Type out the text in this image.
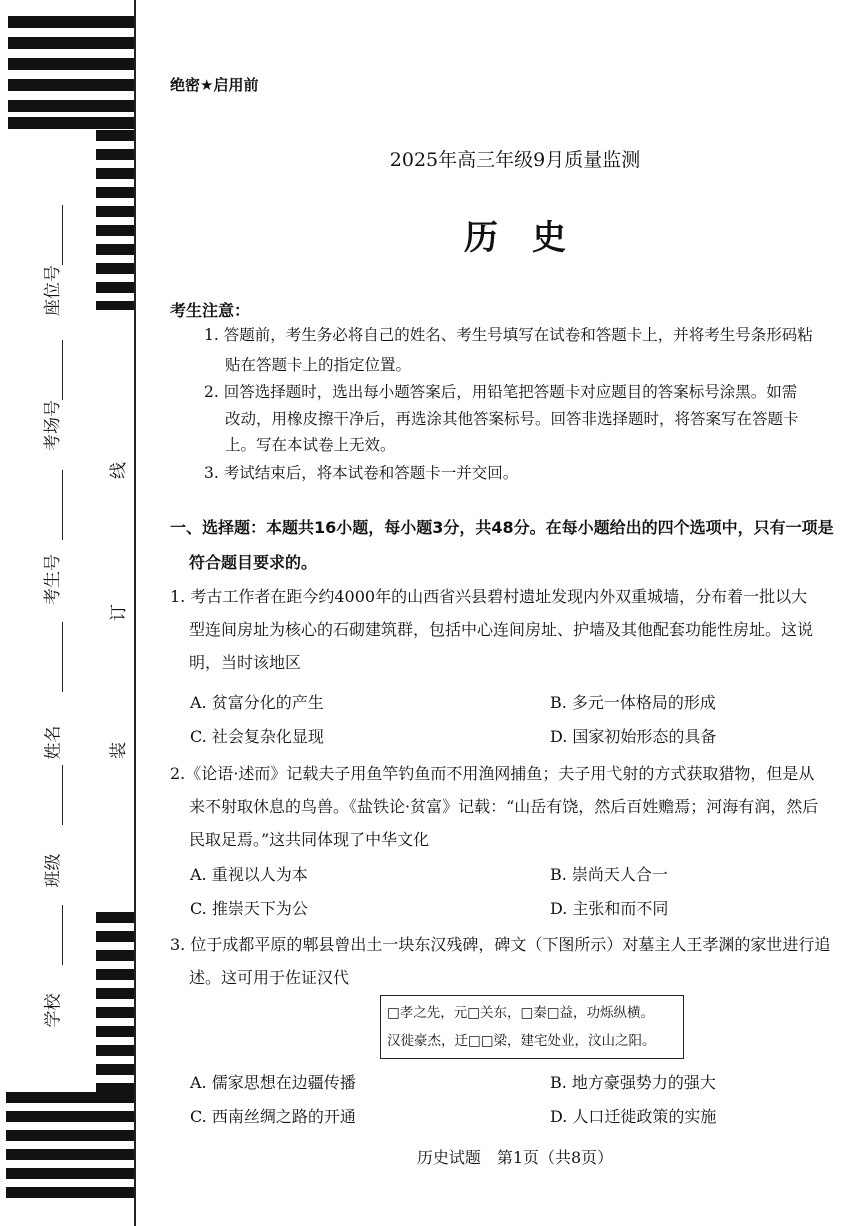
座位号
考场号
考生号
姓名
班级
学校
线
订
装
绝密★启用前
2025年高三年级9月质量监测
历史
考生注意：
1. 答题前，考生务必将自己的姓名、考生号填写在试卷和答题卡上，并将考生号条形码粘
贴在答题卡上的指定位置。
2. 回答选择题时，选出每小题答案后，用铅笔把答题卡对应题目的答案标号涂黑。如需
改动，用橡皮擦干净后，再选涂其他答案标号。回答非选择题时，将答案写在答题卡
上。写在本试卷上无效。
3. 考试结束后，将本试卷和答题卡一并交回。
一、选择题：本题共16小题，每小题3分，共48分。在每小题给出的四个选项中，只有一项是
符合题目要求的。
1. 考古工作者在距今约4000年的山西省兴县碧村遗址发现内外双重城墙，分布着一批以大
型连间房址为核心的石砌建筑群，包括中心连间房址、护墙及其他配套功能性房址。这说
明，当时该地区
A. 贫富分化的产生	B. 多元一体格局的形成
C. 社会复杂化显现	D. 国家初始形态的具备
2.《论语·述而》记载夫子用鱼竿钓鱼而不用渔网捕鱼；夫子用弋射的方式获取猎物，但是从
来不射取休息的鸟兽。《盐铁论·贫富》记载：“山岳有饶，然后百姓赡焉；河海有润，然后
民取足焉。”这共同体现了中华文化
A. 重视以人为本	B. 崇尚天人合一
C. 推崇天下为公	D. 主张和而不同
3. 位于成都平原的郫县曾出土一块东汉残碑，碑文（下图所示）对墓主人王孝渊的家世进行追
述。这可用于佐证汉代
□孝之先，元□关东，□秦□益，功烁纵横。
汉徙豪杰，迁□□梁，建宅处业，汶山之阳。
A. 儒家思想在边疆传播	B. 地方豪强势力的强大
C. 西南丝绸之路的开通	D. 人口迁徙政策的实施
历史试题　第1页（共8页）
